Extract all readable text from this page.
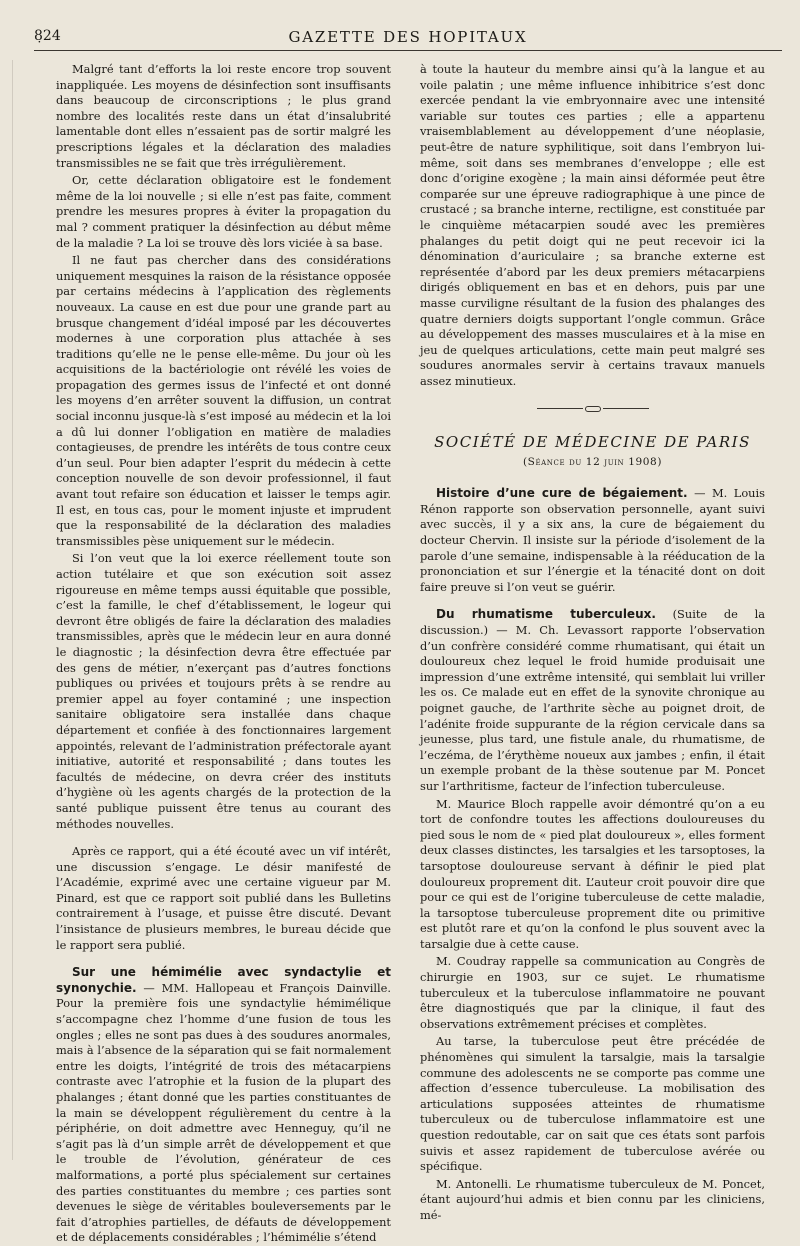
8̣24	GAZETTE DES HOPITAUX

Malgré tant d’efforts la loi reste encore trop souvent inappliquée. Les moyens de désinfection sont insuffisants dans beaucoup de circonscriptions ; le plus grand nombre des localités reste dans un état d’insalubrité lamentable dont elles n’essaient pas de sortir malgré les prescriptions légales et la déclaration des maladies transmissibles ne se fait que très irrégulièrement.

Or, cette déclaration obligatoire est le fondement même de la loi nouvelle ; si elle n’est pas faite, comment prendre les mesures propres à éviter la propagation du mal ? comment pratiquer la désinfection au début même de la maladie ? La loi se trouve dès lors viciée à sa base.

Il ne faut pas chercher dans des considérations uniquement mesquines la raison de la résistance opposée par certains médecins à l’application des règlements nouveaux. La cause en est due pour une grande part au brusque changement d’idéal imposé par les découvertes modernes à une corporation plus attachée à ses traditions qu’elle ne le pense elle-même. Du jour où les acquisitions de la bactériologie ont révélé les voies de propagation des germes issus de l’infecté et ont donné les moyens d’en arrêter souvent la diffusion, un contrat social inconnu jusque-là s’est imposé au médecin et la loi a dû lui donner l’obligation en matière de maladies contagieuses, de prendre les intérêts de tous contre ceux d’un seul. Pour bien adapter l’esprit du médecin à cette conception nouvelle de son devoir professionnel, il faut avant tout refaire son éducation et laisser le temps agir. Il est, en tous cas, pour le moment injuste et imprudent que la responsabilité de la déclaration des maladies transmissibles pèse uniquement sur le médecin.

Si l’on veut que la loi exerce réellement toute son action tutélaire et que son exécution soit assez rigoureuse en même temps aussi équitable que possible, c’est la famille, le chef d’établissement, le logeur qui devront être obligés de faire la déclaration des maladies transmissibles, après que le médecin leur en aura donné le diagnostic ; la désinfection devra être effectuée par des gens de métier, n’exerçant pas d’autres fonctions publiques ou privées et toujours prêts à se rendre au premier appel au foyer contaminé ; une inspection sanitaire obligatoire sera installée dans chaque département et confiée à des fonctionnaires largement appointés, relevant de l’administration préfectorale ayant initiative, autorité et responsabilité ; dans toutes les facultés de médecine, on devra créer des instituts d’hygiène où les agents chargés de la protection de la santé publique puissent être tenus au courant des méthodes nouvelles.

Après ce rapport, qui a été écouté avec un vif intérêt, une discussion s’engage. Le désir manifesté de l’Académie, exprimé avec une certaine vigueur par M. Pinard, est que ce rapport soit publié dans les Bulletins contrairement à l’usage, et puisse être discuté. Devant l’insistance de plusieurs membres, le bureau décide que le rapport sera publié.

Sur une hémimélie avec syndactylie et synonychie. — MM. Hallopeau et François Dainville. Pour la première fois une syndactylie hémimélique s’accompagne chez l’homme d’une fusion de tous les ongles ; elles ne sont pas dues à des soudures anormales, mais à l’absence de la séparation qui se fait normalement entre les doigts, l’intégrité de trois des métacarpiens contraste avec l’atrophie et la fusion de la plupart des phalanges ; étant donné que les parties constituantes de la main se développent régulièrement du centre à la périphérie, on doit admettre avec Henneguy, qu’il ne s’agit pas là d’un simple arrêt de développement et que le trouble de l’évolution, générateur de ces malformations, a porté plus spécialement sur certaines des parties constituantes du membre ; ces parties sont devenues le siège de véritables bouleversements par le fait d’atrophies partielles, de défauts de développement et de déplacements considérables ; l’hémimélie s’étend

à toute la hauteur du membre ainsi qu’à la langue et au voile palatin ; une même influence inhibitrice s’est donc exercée pendant la vie embryonnaire avec une intensité variable sur toutes ces parties ; elle a appartenu vraisemblablement au développement d’une néoplasie, peut-être de nature syphilitique, soit dans l’embryon lui-même, soit dans ses membranes d’enveloppe ; elle est donc d’origine exogène ; la main ainsi déformée peut être comparée sur une épreuve radiographique à une pince de crustacé ; sa branche interne, rectiligne, est constituée par le cinquième métacarpien soudé avec les premières phalanges du petit doigt qui ne peut recevoir ici la dénomination d’auriculaire ; sa branche externe est représentée d’abord par les deux premiers métacarpiens dirigés obliquement en bas et en dehors, puis par une masse curviligne résultant de la fusion des phalanges des quatre derniers doigts supportant l’ongle commun. Grâce au développement des masses musculaires et à la mise en jeu de quelques articulations, cette main peut malgré ses soudures anormales servir à certains travaux manuels assez minutieux.

SOCIÉTÉ DE MÉDECINE DE PARIS
(Séance du 12 juin 1908)

Histoire d’une cure de bégaiement. — M. Louis Rénon rapporte son observation personnelle, ayant suivi avec succès, il y a six ans, la cure de bégaiement du docteur Chervin. Il insiste sur la période d’isolement de la parole d’une semaine, indispensable à la rééducation de la prononciation et sur l’énergie et la ténacité dont on doit faire preuve si l’on veut se guérir.

Du rhumatisme tuberculeux. (Suite de la discussion.) — M. Ch. Levassort rapporte l’observation d’un confrère considéré comme rhumatisant, qui était un douloureux chez lequel le froid humide produisait une impression d’une extrême intensité, qui semblait lui vriller les os. Ce malade eut en effet de la synovite chronique au poignet gauche, de l’arthrite sèche au poignet droit, de l’adénite froide suppurante de la région cervicale dans sa jeunesse, plus tard, une fistule anale, du rhumatisme, de l’eczéma, de l’érythème noueux aux jambes ; enfin, il était un exemple probant de la thèse soutenue par M. Poncet sur l’arthritisme, facteur de l’infection tuberculeuse.

M. Maurice Bloch rappelle avoir démontré qu’on a eu tort de confondre toutes les affections douloureuses du pied sous le nom de « pied plat douloureux », elles forment deux classes distinctes, les tarsalgies et les tarsoptoses, la tarsoptose douloureuse servant à définir le pied plat douloureux proprement dit. L’auteur croit pouvoir dire que pour ce qui est de l’origine tuberculeuse de cette maladie, la tarsoptose tuberculeuse proprement dite ou primitive est plutôt rare et qu’on la confond le plus souvent avec la tarsalgie due à cette cause.

M. Coudray rappelle sa communication au Congrès de chirurgie en 1903, sur ce sujet. Le rhumatisme tuberculeux et la tuberculose inflammatoire ne pouvant être diagnostiqués que par la clinique, il faut des observations extrêmement précises et complètes.

Au tarse, la tuberculose peut être précédée de phénomènes qui simulent la tarsalgie, mais la tarsalgie commune des adolescents ne se comporte pas comme une affection d’essence tuberculeuse. La mobilisation des articulations supposées atteintes de rhumatisme tuberculeux ou de tuberculose inflammatoire est une question redoutable, car on sait que ces états sont parfois suivis et assez rapidement de tuberculose avérée ou spécifique.

M. Antonelli. Le rhumatisme tuberculeux de M. Poncet, étant aujourd’hui admis et bien connu par les cliniciens, mé-
